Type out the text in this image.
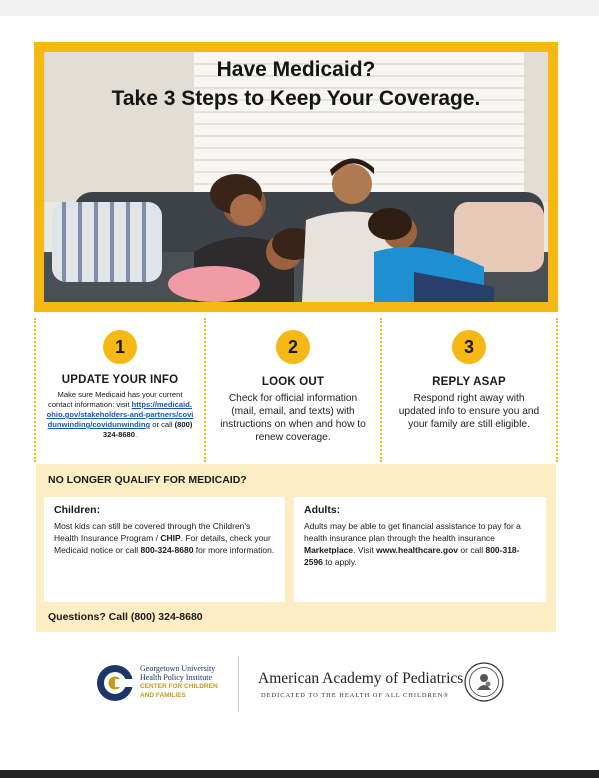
Have Medicaid?
Take 3 Steps to Keep Your Coverage.
1
UPDATE YOUR INFO
Make sure Medicaid has your current contact information: visit https://medicaid.ohio.gov/stakeholders-and-partners/covidunwinding/covidunwinding or call (800) 324-8680.
2
LOOK OUT
Check for official information (mail, email, and texts) with instructions on when and how to renew coverage.
3
REPLY ASAP
Respond right away with updated info to ensure you and your family are still eligible.
NO LONGER QUALIFY FOR MEDICAID?
Children:
Most kids can still be covered through the Children's Health Insurance Program / CHIP. For details, check your Medicaid notice or call 800-324-8680 for more information.
Adults:
Adults may be able to get financial assistance to pay for a health insurance plan through the health insurance Marketplace. Visit www.healthcare.gov or call 800-318-2596 to apply.
Questions? Call (800) 324-8680
Georgetown University
Health Policy Institute
CENTER FOR CHILDREN
AND FAMILIES
American Academy of Pediatrics
DEDICATED TO THE HEALTH OF ALL CHILDREN®
